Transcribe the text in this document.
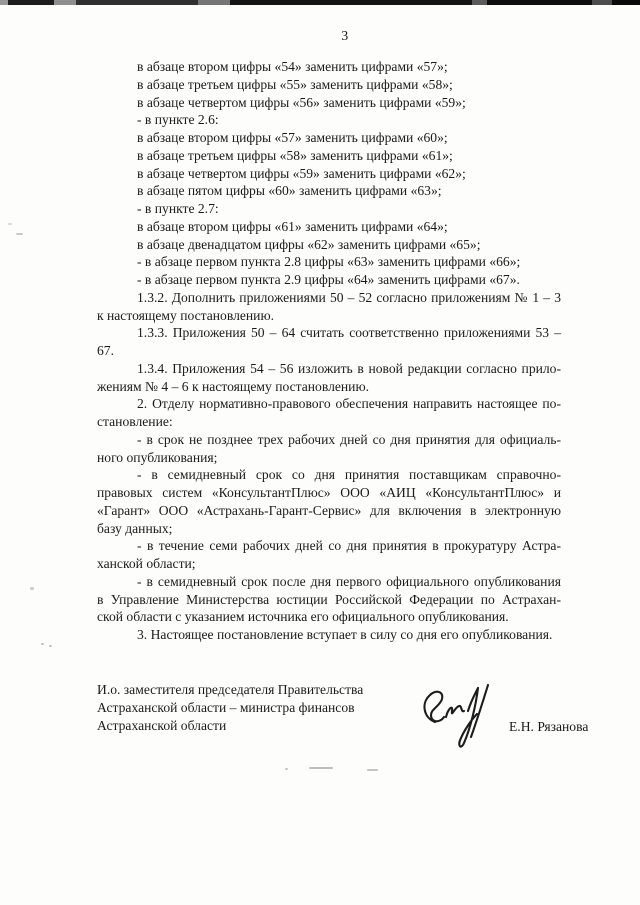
3
в абзаце втором цифры «54» заменить цифрами «57»;
в абзаце третьем цифры «55» заменить цифрами «58»;
в абзаце четвертом цифры «56» заменить цифрами «59»;
- в пункте 2.6:
в абзаце втором цифры «57» заменить цифрами «60»;
в абзаце третьем цифры «58» заменить цифрами «61»;
в абзаце четвертом цифры «59» заменить цифрами «62»;
в абзаце пятом цифры «60» заменить цифрами «63»;
- в пункте 2.7:
в абзаце втором цифры «61» заменить цифрами «64»;
в абзаце двенадцатом цифры «62» заменить цифрами «65»;
- в абзаце первом пункта 2.8 цифры «63» заменить цифрами «66»;
- в абзаце первом пункта 2.9 цифры «64» заменить цифрами «67».
1.3.2. Дополнить приложениями 50 – 52 согласно приложениям № 1 – 3
к настоящему постановлению.
1.3.3. Приложения 50 – 64 считать соответственно приложениями 53 –
67.
1.3.4. Приложения 54 – 56 изложить в новой редакции согласно прило-
жениям № 4 – 6 к настоящему постановлению.
2. Отделу нормативно-правового обеспечения направить настоящее по-
становление:
- в срок не позднее трех рабочих дней со дня принятия для официаль-
ного опубликования;
- в семидневный срок со дня принятия поставщикам справочно-
правовых систем «КонсультантПлюс» ООО «АИЦ «КонсультантПлюс» и
«Гарант» ООО «Астрахань-Гарант-Сервис» для включения в электронную
базу данных;
- в течение семи рабочих дней со дня принятия в прокуратуру Астра-
ханской области;
- в семидневный срок после дня первого официального опубликования
в Управление Министерства юстиции Российской Федерации по Астрахан-
ской области с указанием источника его официального опубликования.
3. Настоящее постановление вступает в силу со дня его опубликования.
И.о. заместителя председателя Правительства
Астраханской области – министра финансов
Астраханской области	Е.Н. Рязанова
